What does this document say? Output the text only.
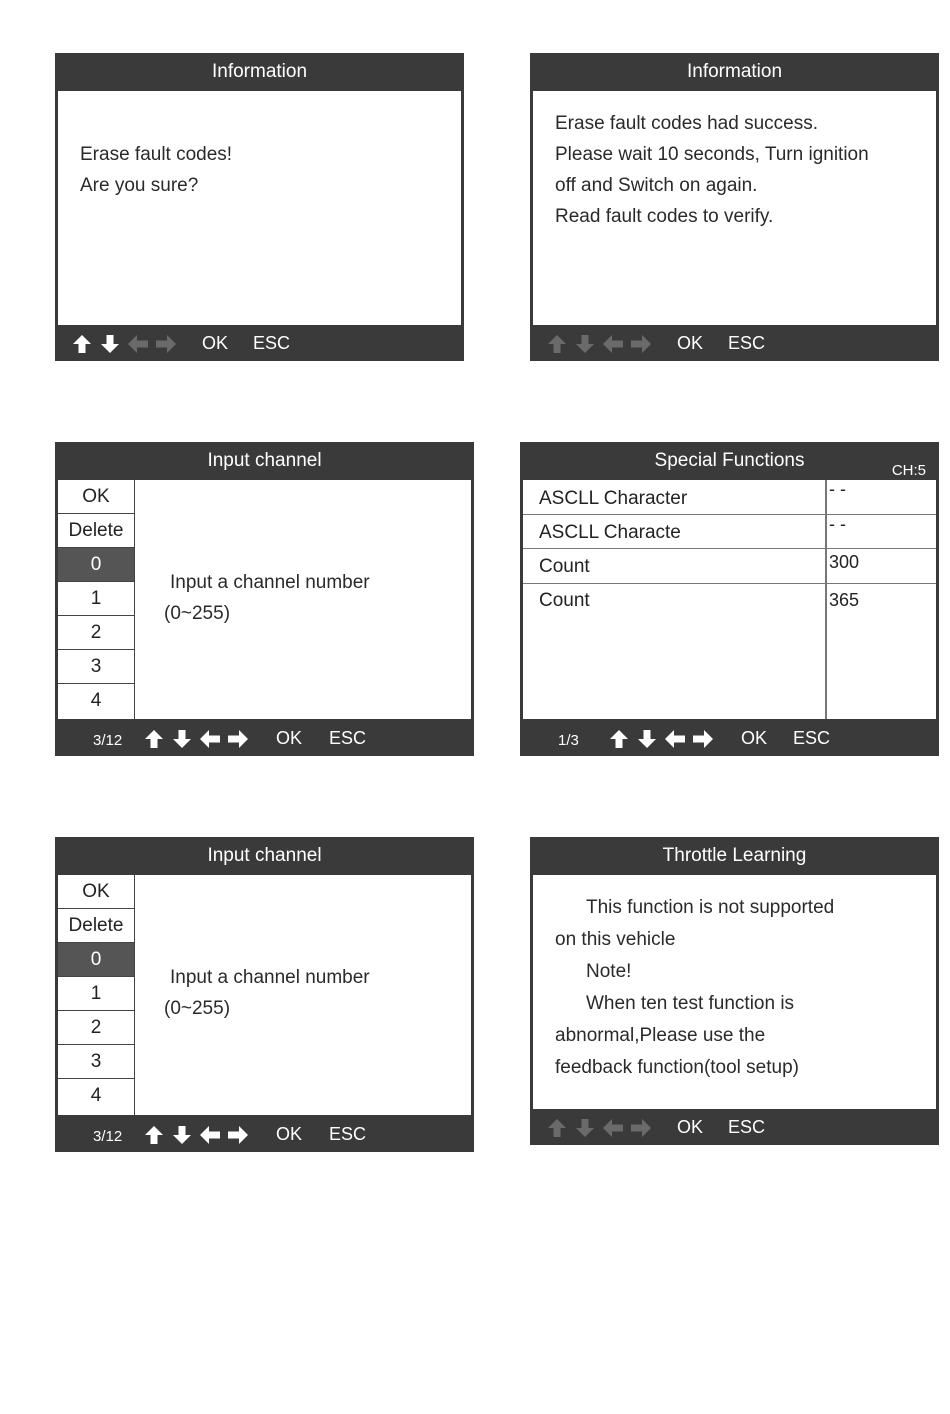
Information
Erase fault codes!
Are you sure?
OK ESC
Information
Erase fault codes had success.
Please wait 10 seconds, Turn ignition
off and Switch on again.
Read fault codes to verify.
OK ESC
Input channel
OK
Delete
0
1
2
3
4
Input a channel number
(0~255)
3/12	OK ESC
Special Functions	CH:5
ASCLL Character	- -
ASCLL Characte	- -
Count	300
Count	365
1/3	OK ESC
Input channel
OK
Delete
0
1
2
3
4
Input a channel number
(0~255)
3/12	OK ESC
Throttle Learning
This function is not supported
on this vehicle
Note!
When ten test function is
abnormal,Please use the
feedback function(tool setup)
OK ESC
